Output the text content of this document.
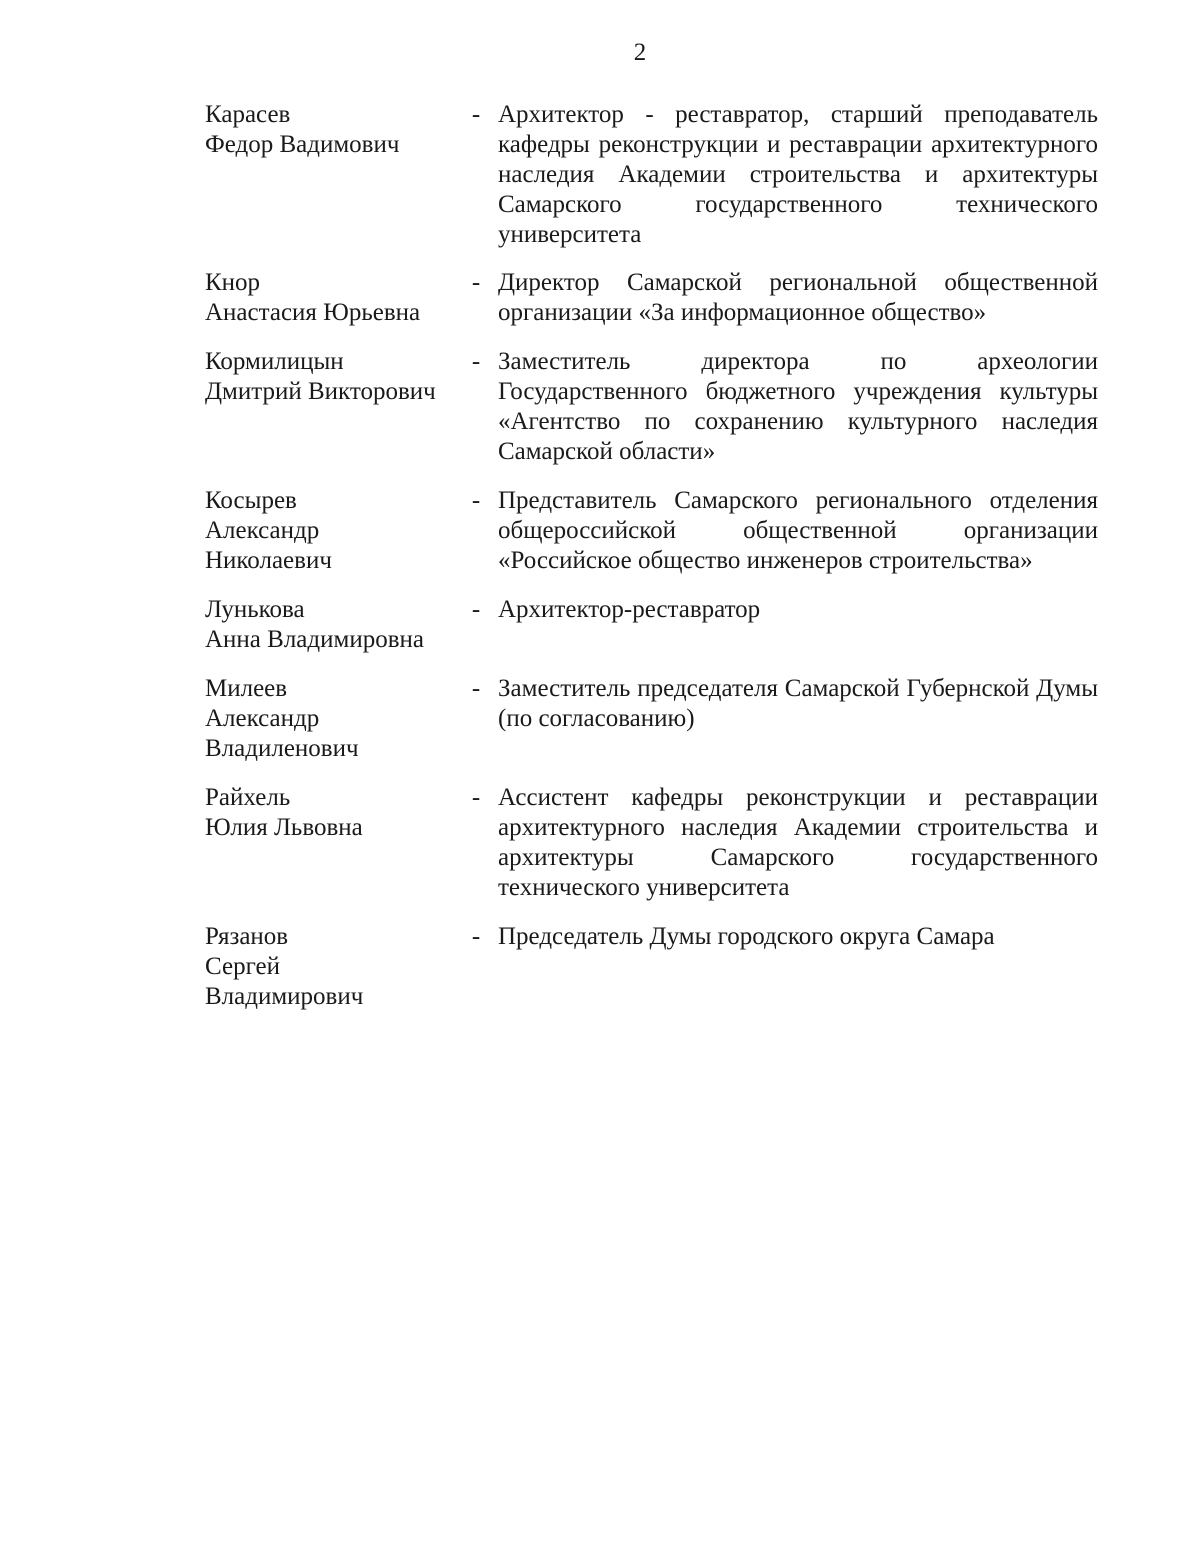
2
Карасев
Федор Вадимович
- Архитектор - реставратор, старший преподаватель кафедры реконструкции и реставрации архитектурного наследия Академии строительства и архитектуры Самарского государственного технического университета
Кнор
Анастасия Юрьевна
- Директор Самарской региональной общественной организации «За информационное общество»
Кормилицын
Дмитрий Викторович
- Заместитель директора по археологии Государственного бюджетного учреждения культуры «Агентство по сохранению культурного наследия Самарской области»
Косырев
Александр
Николаевич
- Представитель Самарского регионального отделения общероссийской общественной организации «Российское общество инженеров строительства»
Лунькова
Анна Владимировна
- Архитектор-реставратор
Милеев
Александр
Владиленович
- Заместитель председателя Самарской Губернской Думы (по согласованию)
Райхель
Юлия Львовна
- Ассистент кафедры реконструкции и реставрации архитектурного наследия Академии строительства и архитектуры Самарского государственного технического университета
Рязанов
Сергей
Владимирович
- Председатель Думы городского округа Самара
